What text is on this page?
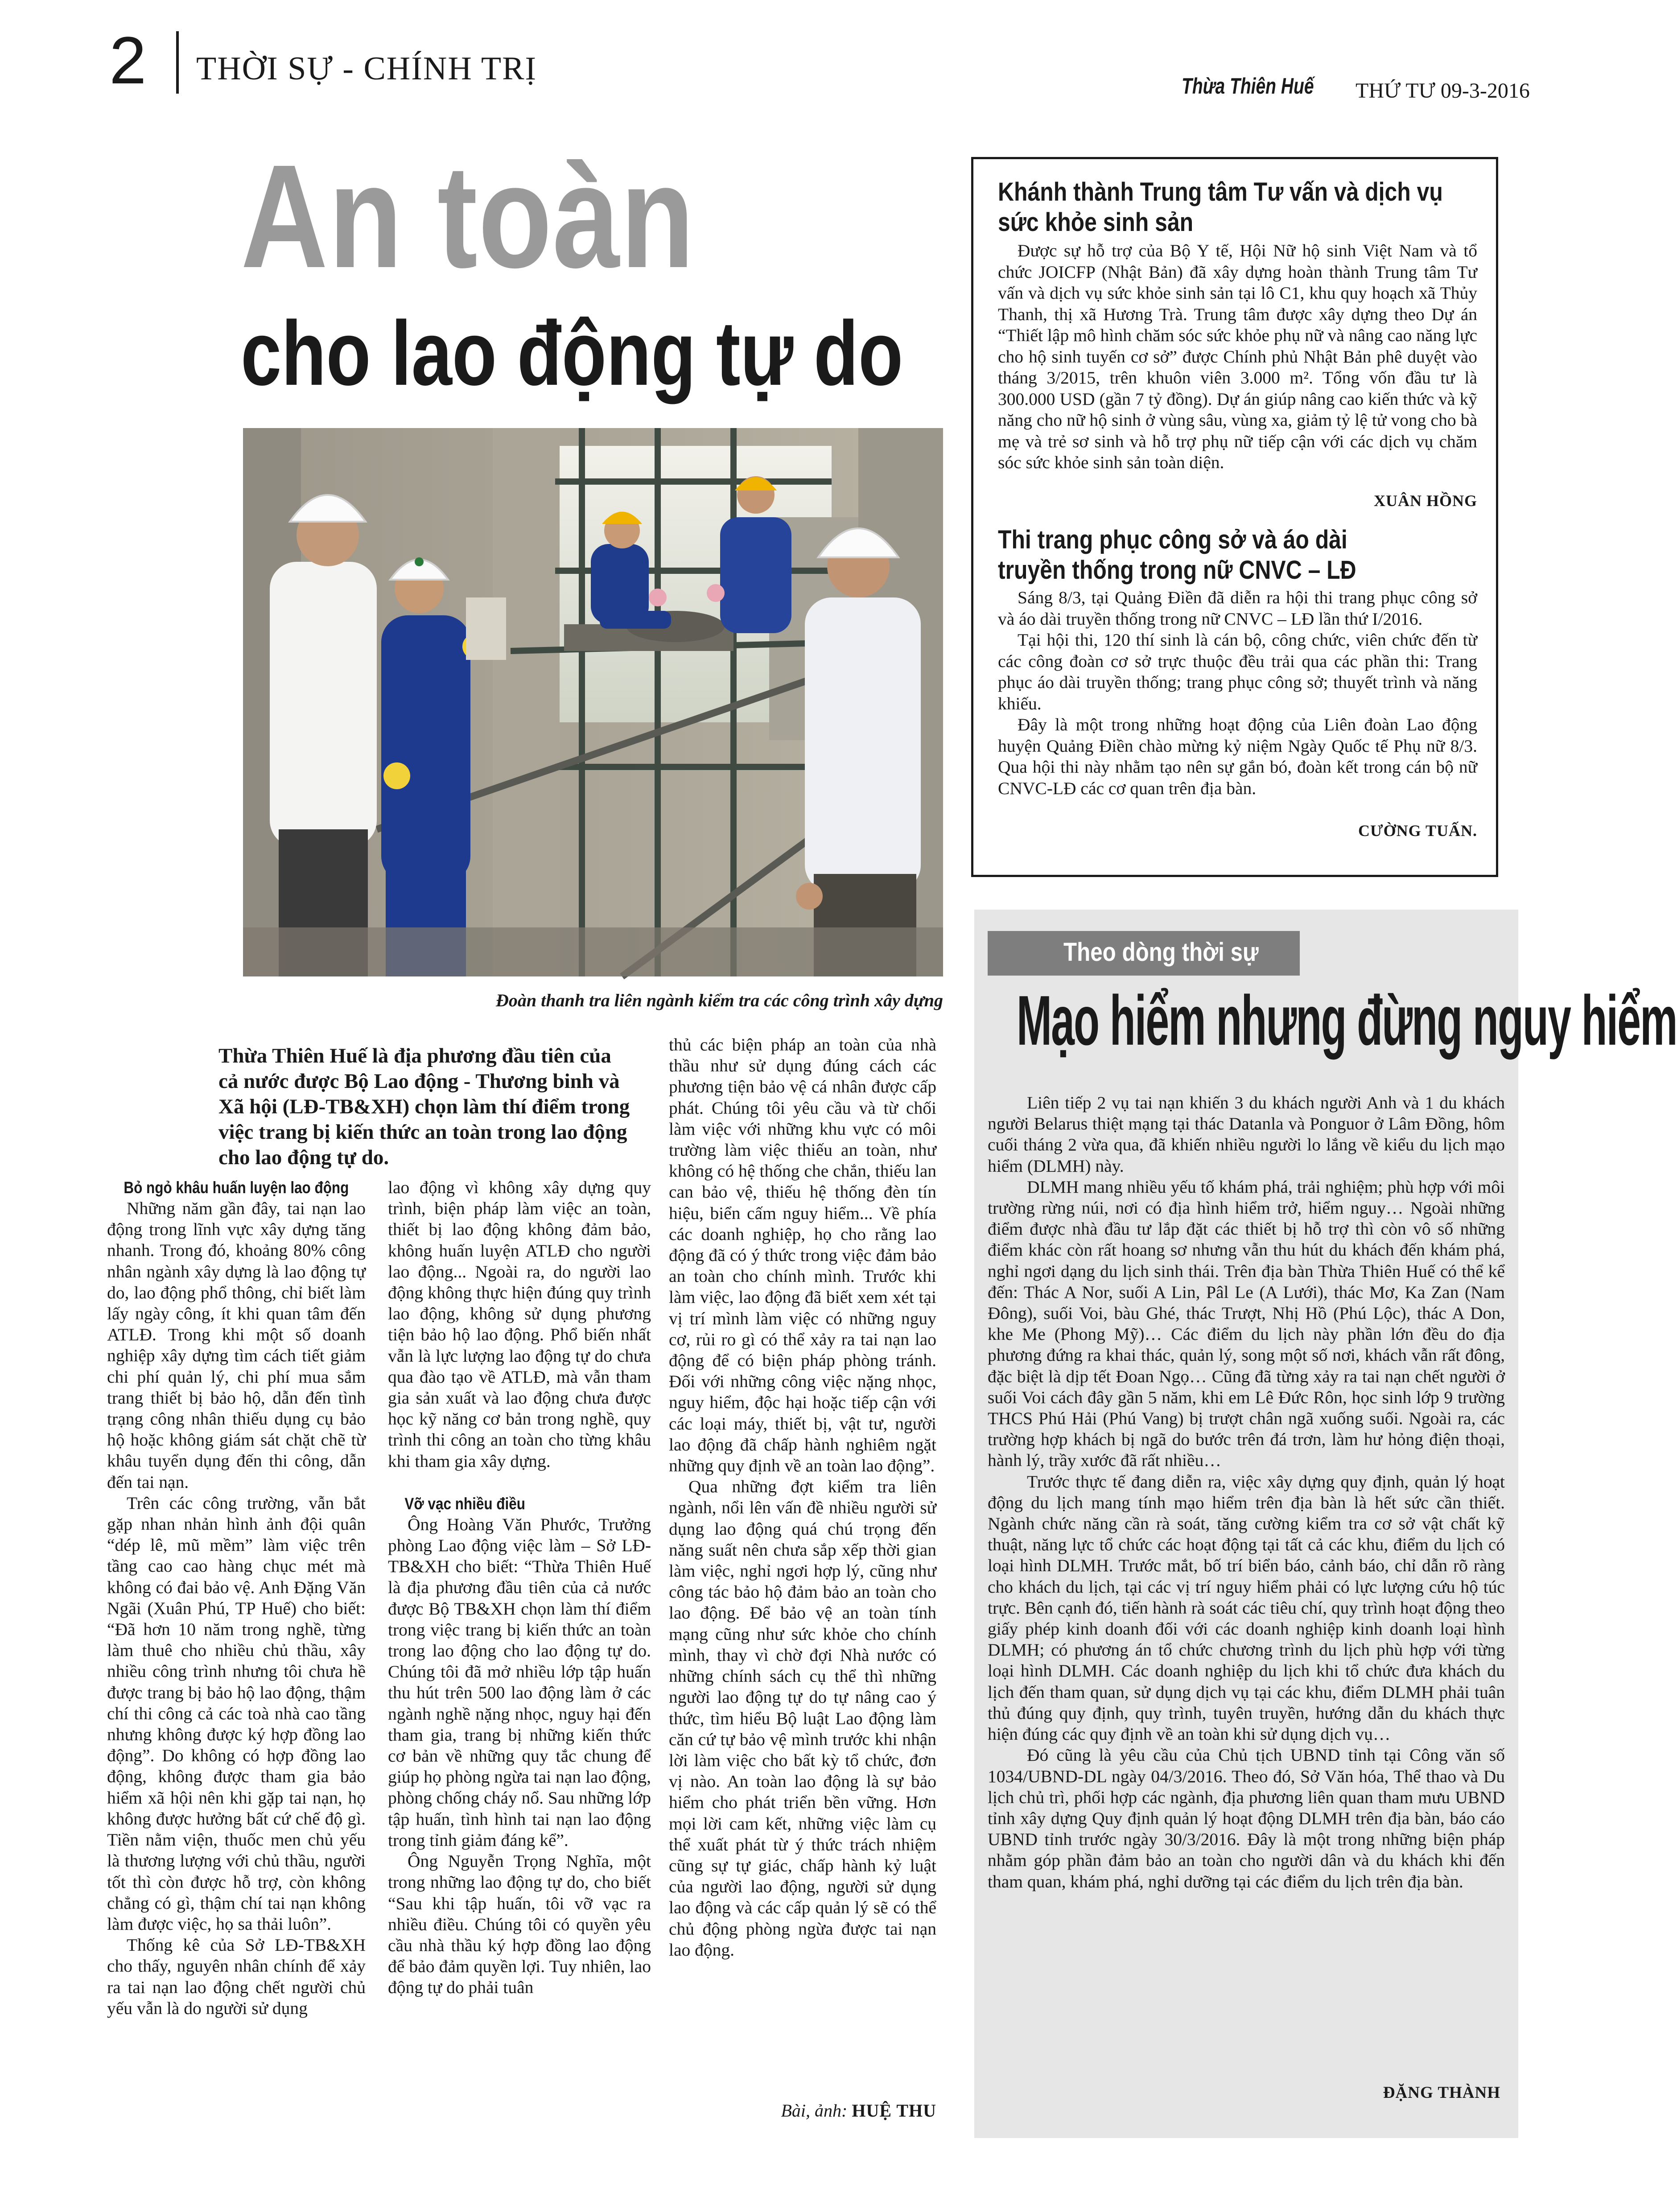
2 THỜI SỰ - CHÍNH TRỊ	Thừa Thiên Huế THỨ TƯ 09-3-2016
An toàn
cho lao động tự do
Đoàn thanh tra liên ngành kiểm tra các công trình xây dựng
Thừa Thiên Huế là địa phương đầu tiên của cả nước được Bộ Lao động - Thương binh và Xã hội (LĐ-TB&XH) chọn làm thí điểm trong việc trang bị kiến thức an toàn trong lao động cho lao động tự do.

Bỏ ngỏ khâu huấn luyện lao động

Những năm gần đây, tai nạn lao động trong lĩnh vực xây dựng tăng nhanh. Trong đó, khoảng 80% công nhân ngành xây dựng là lao động tự do, lao động phổ thông, chỉ biết làm lấy ngày công, ít khi quan tâm đến ATLĐ. Trong khi một số doanh nghiệp xây dựng tìm cách tiết giảm chi phí quản lý, chi phí mua sắm trang thiết bị bảo hộ, dẫn đến tình trạng công nhân thiếu dụng cụ bảo hộ hoặc không giám sát chặt chẽ từ khâu tuyển dụng đến thi công, dẫn đến tai nạn.

Trên các công trường, vẫn bắt gặp nhan nhản hình ảnh đội quân “dép lê, mũ mềm” làm việc trên tầng cao cao hàng chục mét mà không có đai bảo vệ. Anh Đặng Văn Ngãi (Xuân Phú, TP Huế) cho biết: “Đã hơn 10 năm trong nghề, từng làm thuê cho nhiều chủ thầu, xây nhiều công trình nhưng tôi chưa hề được trang bị bảo hộ lao động, thậm chí thi công cả các toà nhà cao tầng nhưng không được ký hợp đồng lao động”. Do không có hợp đồng lao động, không được tham gia bảo hiểm xã hội nên khi gặp tai nạn, họ không được hưởng bất cứ chế độ gì. Tiền nằm viện, thuốc men chủ yếu là thương lượng với chủ thầu, người tốt thì còn được hỗ trợ, còn không chẳng có gì, thậm chí tai nạn không làm được việc, họ sa thải luôn”.

Thống kê của Sở LĐ-TB&XH cho thấy, nguyên nhân chính để xảy ra tai nạn lao động chết người chủ yếu vẫn là do người sử dụng

lao động vì không xây dựng quy trình, biện pháp làm việc an toàn, thiết bị lao động không đảm bảo, không huấn luyện ATLĐ cho người lao động... Ngoài ra, do người lao động không thực hiện đúng quy trình lao động, không sử dụng phương tiện bảo hộ lao động. Phổ biến nhất vẫn là lực lượng lao động tự do chưa qua đào tạo về ATLĐ, mà vẫn tham gia sản xuất và lao động chưa được học kỹ năng cơ bản trong nghề, quy trình thi công an toàn cho từng khâu khi tham gia xây dựng.

Vỡ vạc nhiều điều

Ông Hoàng Văn Phước, Trưởng phòng Lao động việc làm – Sở LĐ-TB&XH cho biết: “Thừa Thiên Huế là địa phương đầu tiên của cả nước được Bộ TB&XH chọn làm thí điểm trong việc trang bị kiến thức an toàn trong lao động cho lao động tự do. Chúng tôi đã mở nhiều lớp tập huấn thu hút trên 500 lao động làm ở các ngành nghề nặng nhọc, nguy hại đến tham gia, trang bị những kiến thức cơ bản về những quy tắc chung để giúp họ phòng ngừa tai nạn lao động, phòng chống cháy nổ. Sau những lớp tập huấn, tình hình tai nạn lao động trong tỉnh giảm đáng kể”.

Ông Nguyễn Trọng Nghĩa, một trong những lao động tự do, cho biết “Sau khi tập huấn, tôi vỡ vạc ra nhiều điều. Chúng tôi có quyền yêu cầu nhà thầu ký hợp đồng lao động để bảo đảm quyền lợi. Tuy nhiên, lao động tự do phải tuân

thủ các biện pháp an toàn của nhà thầu như sử dụng đúng cách các phương tiện bảo vệ cá nhân được cấp phát. Chúng tôi yêu cầu và từ chối làm việc với những khu vực có môi trường làm việc thiếu an toàn, như không có hệ thống che chắn, thiếu lan can bảo vệ, thiếu hệ thống đèn tín hiệu, biển cấm nguy hiểm... Về phía các doanh nghiệp, họ cho rằng lao động đã có ý thức trong việc đảm bảo an toàn cho chính mình. Trước khi làm việc, lao động đã biết xem xét tại vị trí mình làm việc có những nguy cơ, rủi ro gì có thể xảy ra tai nạn lao động để có biện pháp phòng tránh. Đối với những công việc nặng nhọc, nguy hiểm, độc hại hoặc tiếp cận với các loại máy, thiết bị, vật tư, người lao động đã chấp hành nghiêm ngặt những quy định về an toàn lao động”.

Qua những đợt kiểm tra liên ngành, nổi lên vấn đề nhiều người sử dụng lao động quá chú trọng đến năng suất nên chưa sắp xếp thời gian làm việc, nghỉ ngơi hợp lý, cũng như công tác bảo hộ đảm bảo an toàn cho lao động. Để bảo vệ an toàn tính mạng cũng như sức khỏe cho chính mình, thay vì chờ đợi Nhà nước có những chính sách cụ thể thì những người lao động tự do tự nâng cao ý thức, tìm hiểu Bộ luật Lao động làm căn cứ tự bảo vệ mình trước khi nhận lời làm việc cho bất kỳ tổ chức, đơn vị nào. An toàn lao động là sự bảo hiểm cho phát triển bền vững. Hơn mọi lời cam kết, những việc làm cụ thể xuất phát từ ý thức trách nhiệm cũng sự tự giác, chấp hành kỷ luật của người lao động, người sử dụng lao động và các cấp quản lý sẽ có thể chủ động phòng ngừa được tai nạn lao động.

Bài, ảnh: HUỆ THU
Khánh thành Trung tâm Tư vấn và dịch vụ
sức khỏe sinh sản

Được sự hỗ trợ của Bộ Y tế, Hội Nữ hộ sinh Việt Nam và tổ chức JOICFP (Nhật Bản) đã xây dựng hoàn thành Trung tâm Tư vấn và dịch vụ sức khỏe sinh sản tại lô C1, khu quy hoạch xã Thủy Thanh, thị xã Hương Trà. Trung tâm được xây dựng theo Dự án “Thiết lập mô hình chăm sóc sức khỏe phụ nữ và nâng cao năng lực cho hộ sinh tuyến cơ sở” được Chính phủ Nhật Bản phê duyệt vào tháng 3/2015, trên khuôn viên 3.000 m². Tổng vốn đầu tư là 300.000 USD (gần 7 tỷ đồng). Dự án giúp nâng cao kiến thức và kỹ năng cho nữ hộ sinh ở vùng sâu, vùng xa, giảm tỷ lệ tử vong cho bà mẹ và trẻ sơ sinh và hỗ trợ phụ nữ tiếp cận với các dịch vụ chăm sóc sức khỏe sinh sản toàn diện.

XUÂN HỒNG
Thi trang phục công sở và áo dài
truyền thống trong nữ CNVC – LĐ

Sáng 8/3, tại Quảng Điền đã diễn ra hội thi trang phục công sở và áo dài truyền thống trong nữ CNVC – LĐ lần thứ I/2016.

Tại hội thi, 120 thí sinh là cán bộ, công chức, viên chức đến từ các công đoàn cơ sở trực thuộc đều trải qua các phần thi: Trang phục áo dài truyền thống; trang phục công sở; thuyết trình và năng khiếu.

Đây là một trong những hoạt động của Liên đoàn Lao động huyện Quảng Điền chào mừng kỷ niệm Ngày Quốc tế Phụ nữ 8/3. Qua hội thi này nhằm tạo nên sự gắn bó, đoàn kết trong cán bộ nữ CNVC-LĐ các cơ quan trên địa bàn.

CƯỜNG TUẤN.
Theo dòng thời sự
Mạo hiểm nhưng đừng nguy hiểm

Liên tiếp 2 vụ tai nạn khiến 3 du khách người Anh và 1 du khách người Belarus thiệt mạng tại thác Datanla và Ponguor ở Lâm Đồng, hôm cuối tháng 2 vừa qua, đã khiến nhiều người lo lắng về kiểu du lịch mạo hiểm (DLMH) này.

DLMH mang nhiều yếu tố khám phá, trải nghiệm; phù hợp với môi trường rừng núi, nơi có địa hình hiểm trở, hiểm nguy… Ngoài những điểm được nhà đầu tư lắp đặt các thiết bị hỗ trợ thì còn vô số những điểm khác còn rất hoang sơ nhưng vẫn thu hút du khách đến khám phá, nghỉ ngơi dạng du lịch sinh thái. Trên địa bàn Thừa Thiên Huế có thể kể đến: Thác A Nor, suối A Lin, Pâl Le (A Lưới), thác Mơ, Ka Zan (Nam Đông), suối Voi, bàu Ghé, thác Trượt, Nhị Hồ (Phú Lộc), thác A Don, khe Me (Phong Mỹ)… Các điểm du lịch này phần lớn đều do địa phương đứng ra khai thác, quản lý, song một số nơi, khách vẫn rất đông, đặc biệt là dịp tết Đoan Ngọ… Cũng đã từng xảy ra tai nạn chết người ở suối Voi cách đây gần 5 năm, khi em Lê Đức Rôn, học sinh lớp 9 trường THCS Phú Hải (Phú Vang) bị trượt chân ngã xuống suối. Ngoài ra, các trường hợp khách bị ngã do bước trên đá trơn, làm hư hỏng điện thoại, hành lý, trầy xước đã rất nhiều…

Trước thực tế đang diễn ra, việc xây dựng quy định, quản lý hoạt động du lịch mang tính mạo hiểm trên địa bàn là hết sức cần thiết. Ngành chức năng cần rà soát, tăng cường kiểm tra cơ sở vật chất kỹ thuật, năng lực tổ chức các hoạt động tại tất cả các khu, điểm du lịch có loại hình DLMH. Trước mắt, bố trí biển báo, cảnh báo, chỉ dẫn rõ ràng cho khách du lịch, tại các vị trí nguy hiểm phải có lực lượng cứu hộ túc trực. Bên cạnh đó, tiến hành rà soát các tiêu chí, quy trình hoạt động theo giấy phép kinh doanh đối với các doanh nghiệp kinh doanh loại hình DLMH; có phương án tổ chức chương trình du lịch phù hợp với từng loại hình DLMH. Các doanh nghiệp du lịch khi tổ chức đưa khách du lịch đến tham quan, sử dụng dịch vụ tại các khu, điểm DLMH phải tuân thủ đúng quy định, quy trình, tuyên truyền, hướng dẫn du khách thực hiện đúng các quy định về an toàn khi sử dụng dịch vụ…

Đó cũng là yêu cầu của Chủ tịch UBND tỉnh tại Công văn số 1034/UBND-DL ngày 04/3/2016. Theo đó, Sở Văn hóa, Thể thao và Du lịch chủ trì, phối hợp các ngành, địa phương liên quan tham mưu UBND tỉnh xây dựng Quy định quản lý hoạt động DLMH trên địa bàn, báo cáo UBND tỉnh trước ngày 30/3/2016. Đây là một trong những biện pháp nhằm góp phần đảm bảo an toàn cho người dân và du khách khi đến tham quan, khám phá, nghỉ dưỡng tại các điểm du lịch trên địa bàn.

ĐẶNG THÀNH
